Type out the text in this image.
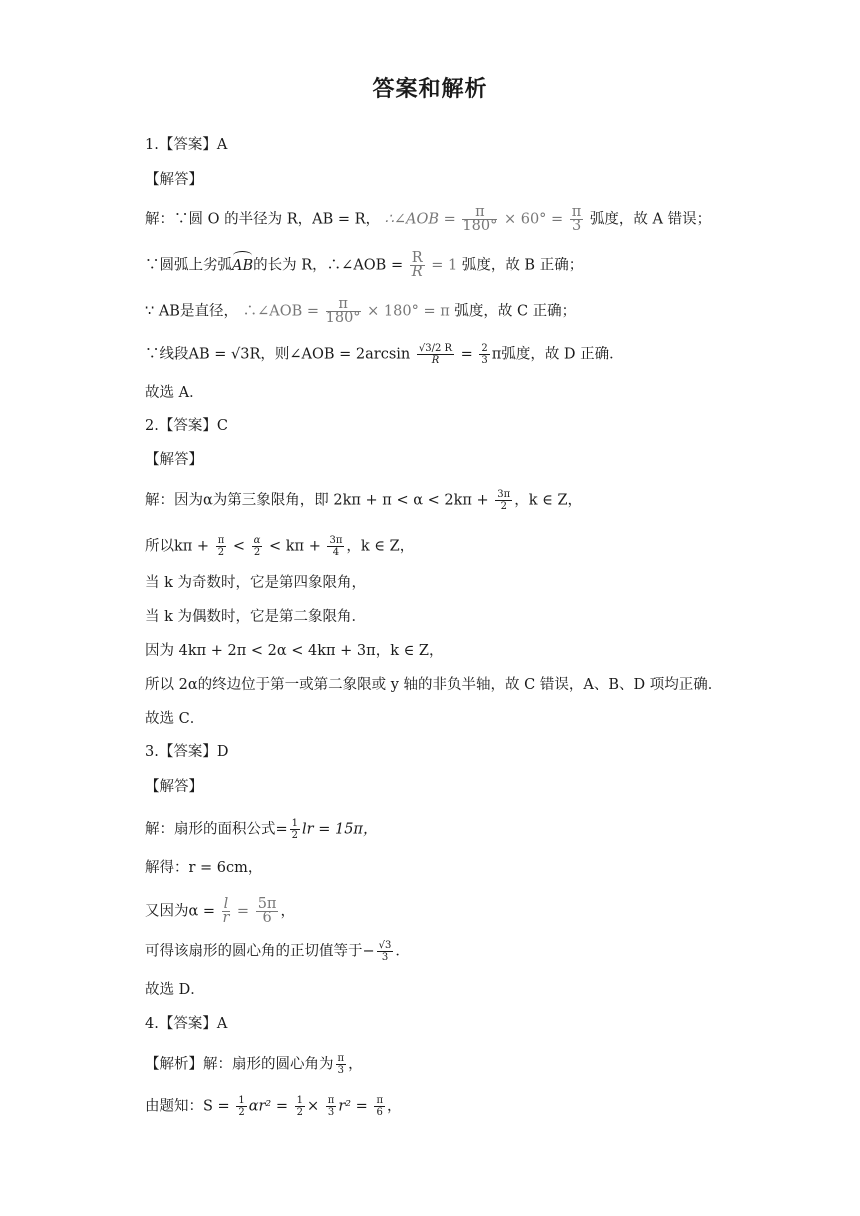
答案和解析
1.【答案】A
【解答】
解：∵圆 O 的半径为 R，AB = R， ∴∠AOB = $\frac{\pi}{180^\circ} \times 60^\circ = \frac{\pi}{3}$ 弧度，故 A 错误；
∵圆弧上劣弧AB的长为 R，∴∠AOB = $\frac{R}{R} = 1$ 弧度，故 B 正确；
∵ AB是直径， ∴∠AOB = $\frac{\pi}{180^\circ} \times 180^\circ = \pi$ 弧度，故 C 正确；
∵线段AB = √3R，则∠AOB = $2\arcsin \frac{√3/2 R}{R} = \frac{2}{3}$ π弧度，故 D 正确．
故选 A．
2.【答案】C
【解答】
解：因为α为第三象限角，即 $2k\pi + \pi < \alpha < 2k\pi + \frac{3\pi}{2}$ ，k ∈ Z，
所以$k\pi + \frac{\pi}{2} < \frac{\alpha}{2} < k\pi + \frac{3\pi}{4}$ ，k ∈ Z，
当 k 为奇数时，它是第四象限角，
当 k 为偶数时，它是第二象限角．
因为 4kπ + 2π < 2α < 4kπ + 3π，k ∈ Z，
所以 2α的终边位于第一或第二象限或 y 轴的非负半轴，故 C 错误，A、B、D 项均正确．
故选 C．
3.【答案】D
【解答】
解：扇形的面积公式= $\frac{1}{2}$ lr = 15π，
解得：r = 6cm，
又因为$\alpha = \frac{l}{r} = \frac{5\pi}{6}$ ，
可得该扇形的圆心角的正切值等于− $\frac{√3}{3}$ ．
故选 D．
4.【答案】A
【解析】解：扇形的圆心角为 $\frac{\pi}{3}$ ，
由题知：$S = \frac{1}{2} \alpha r^2 = \frac{1}{2} \times \frac{\pi}{3} r^2 = \frac{\pi}{6}$ ，
